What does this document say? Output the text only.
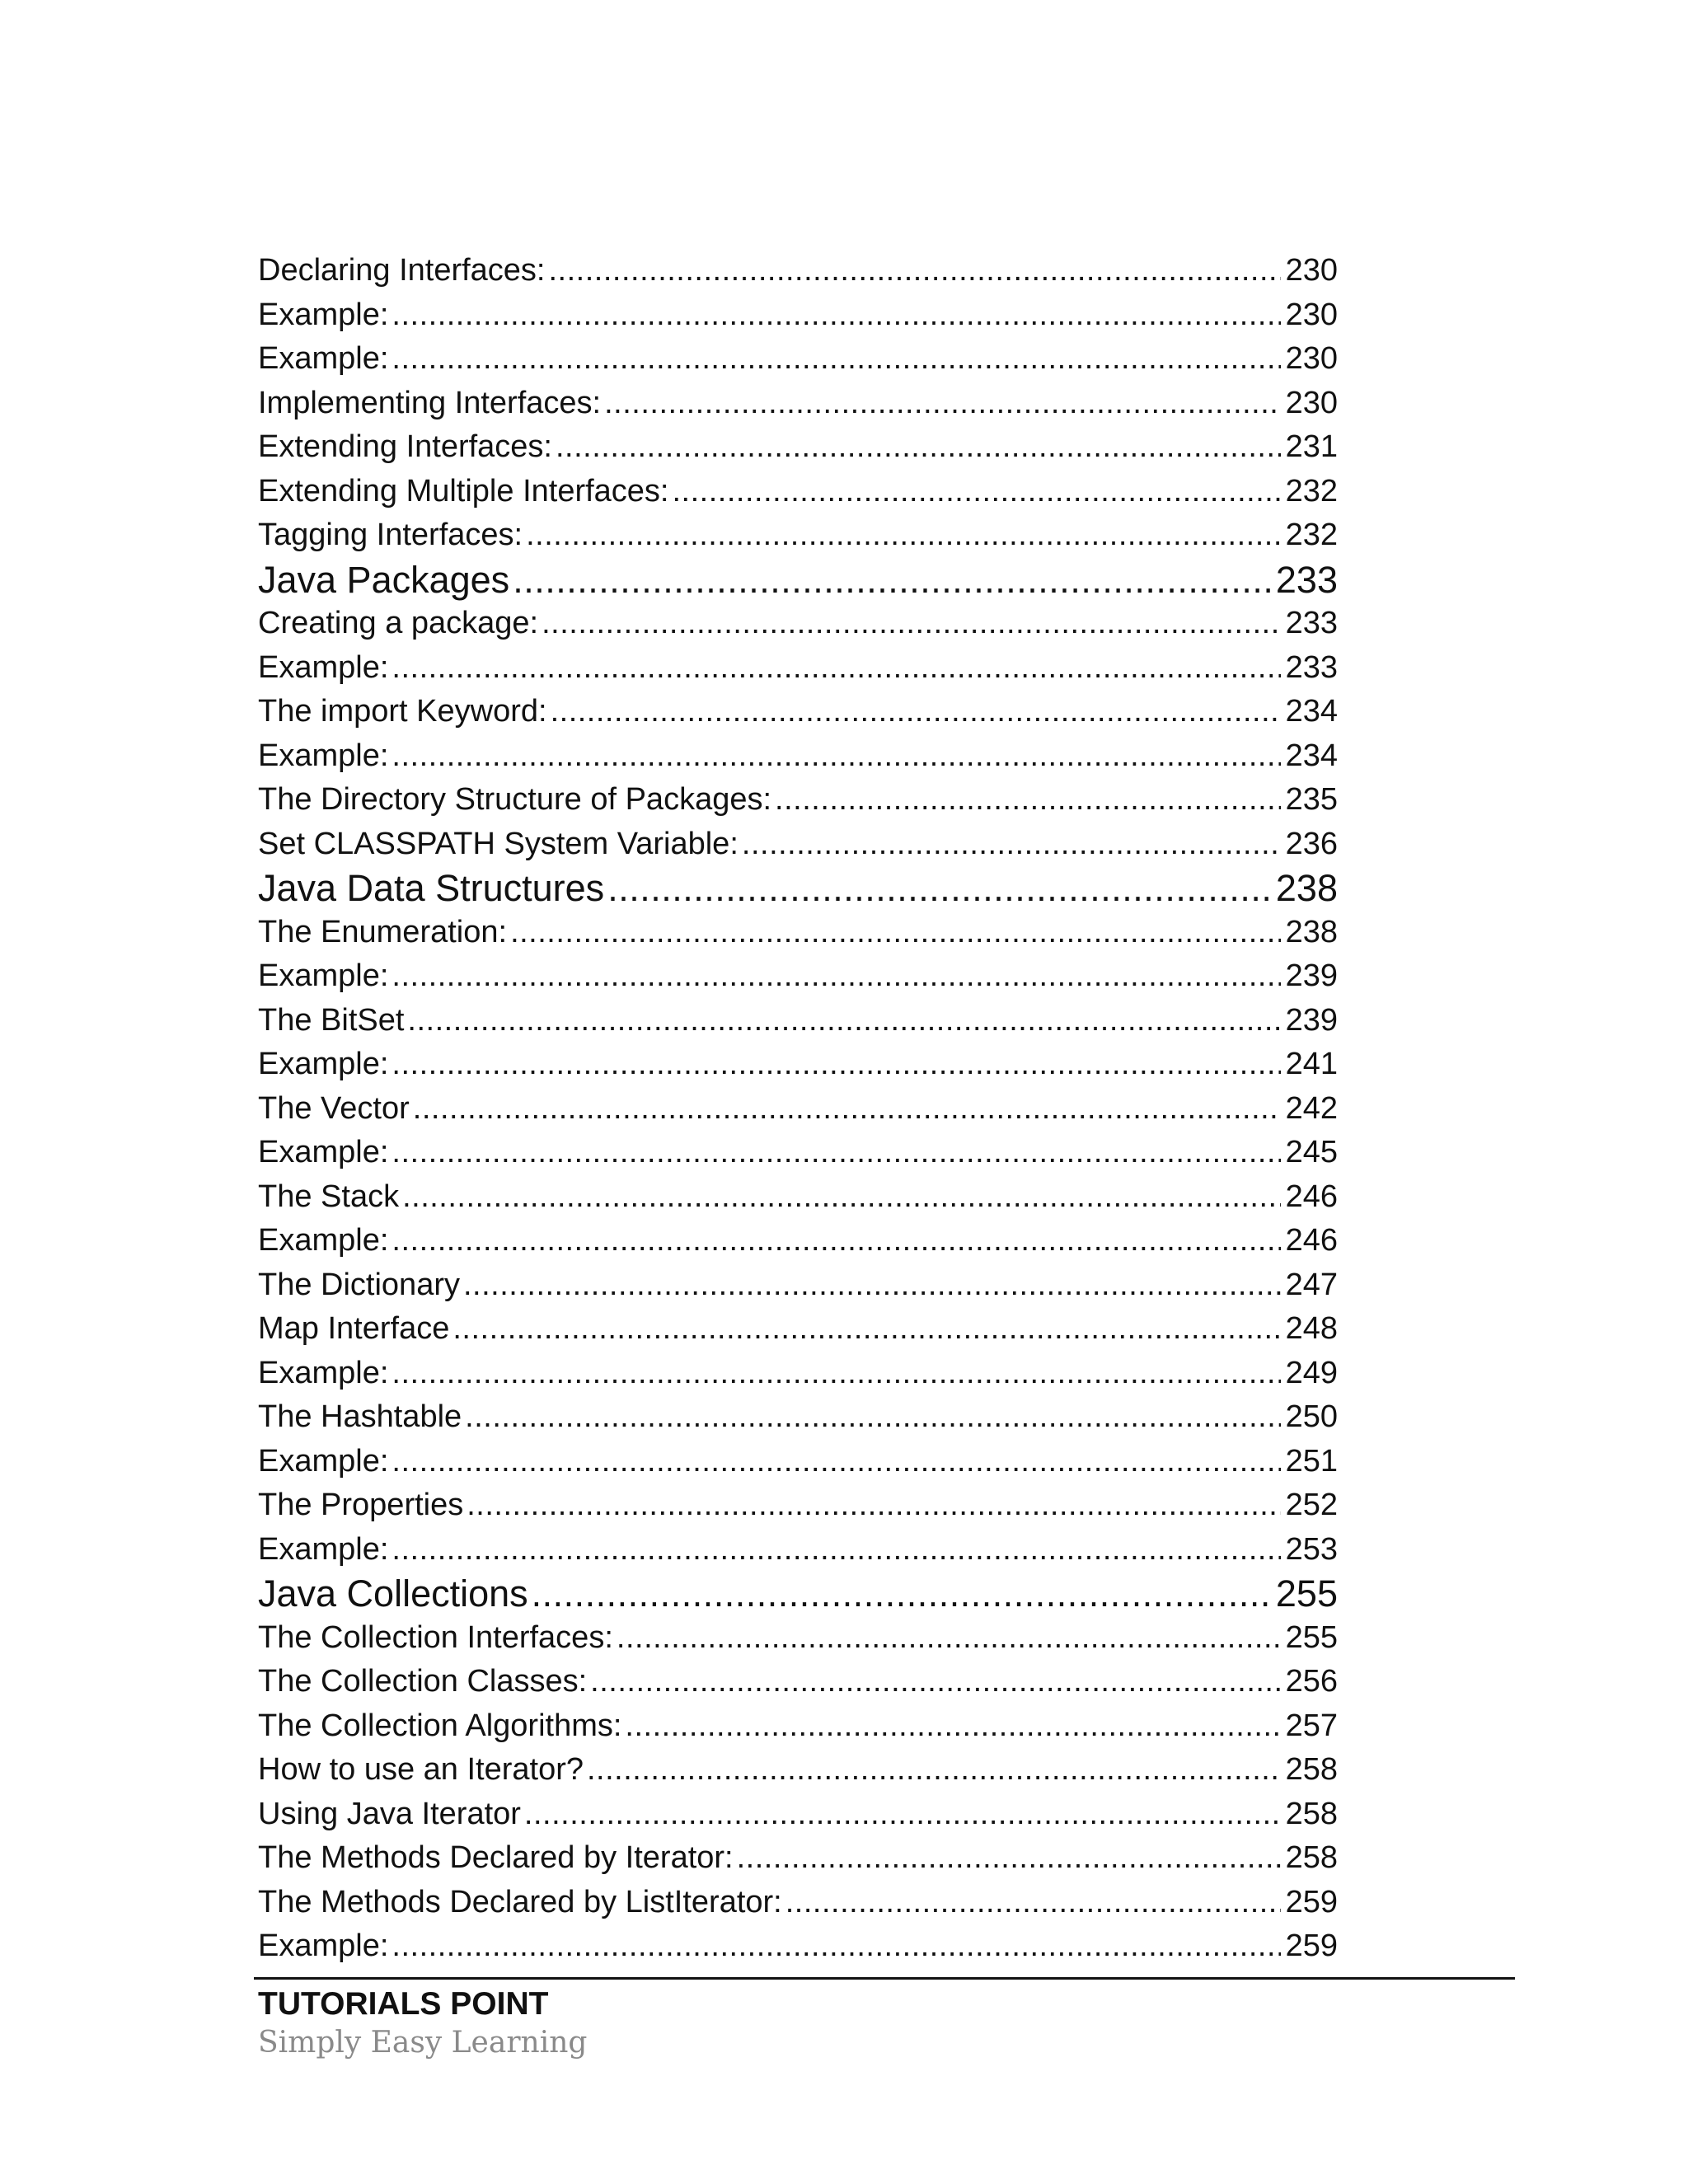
Declaring Interfaces: .....	230
Example: .....	230
Example: .....	230
Implementing Interfaces: .....	230
Extending Interfaces: .....	231
Extending Multiple Interfaces: .....	232
Tagging Interfaces: .....	232
Java Packages .....	233
Creating a package: .....	233
Example: .....	233
The import Keyword: .....	234
Example: .....	234
The Directory Structure of Packages: .....	235
Set CLASSPATH System Variable: .....	236
Java Data Structures .....	238
The Enumeration: .....	238
Example: .....	239
The BitSet .....	239
Example: .....	241
The Vector .....	242
Example: .....	245
The Stack .....	246
Example: .....	246
The Dictionary .....	247
Map Interface .....	248
Example: .....	249
The Hashtable .....	250
Example: .....	251
The Properties .....	252
Example: .....	253
Java Collections .....	255
The Collection Interfaces: .....	255
The Collection Classes: .....	256
The Collection Algorithms: .....	257
How to use an Iterator? .....	258
Using Java Iterator .....	258
The Methods Declared by Iterator: .....	258
The Methods Declared by ListIterator: .....	259
Example: .....	259
TUTORIALS POINT
Simply Easy Learning
